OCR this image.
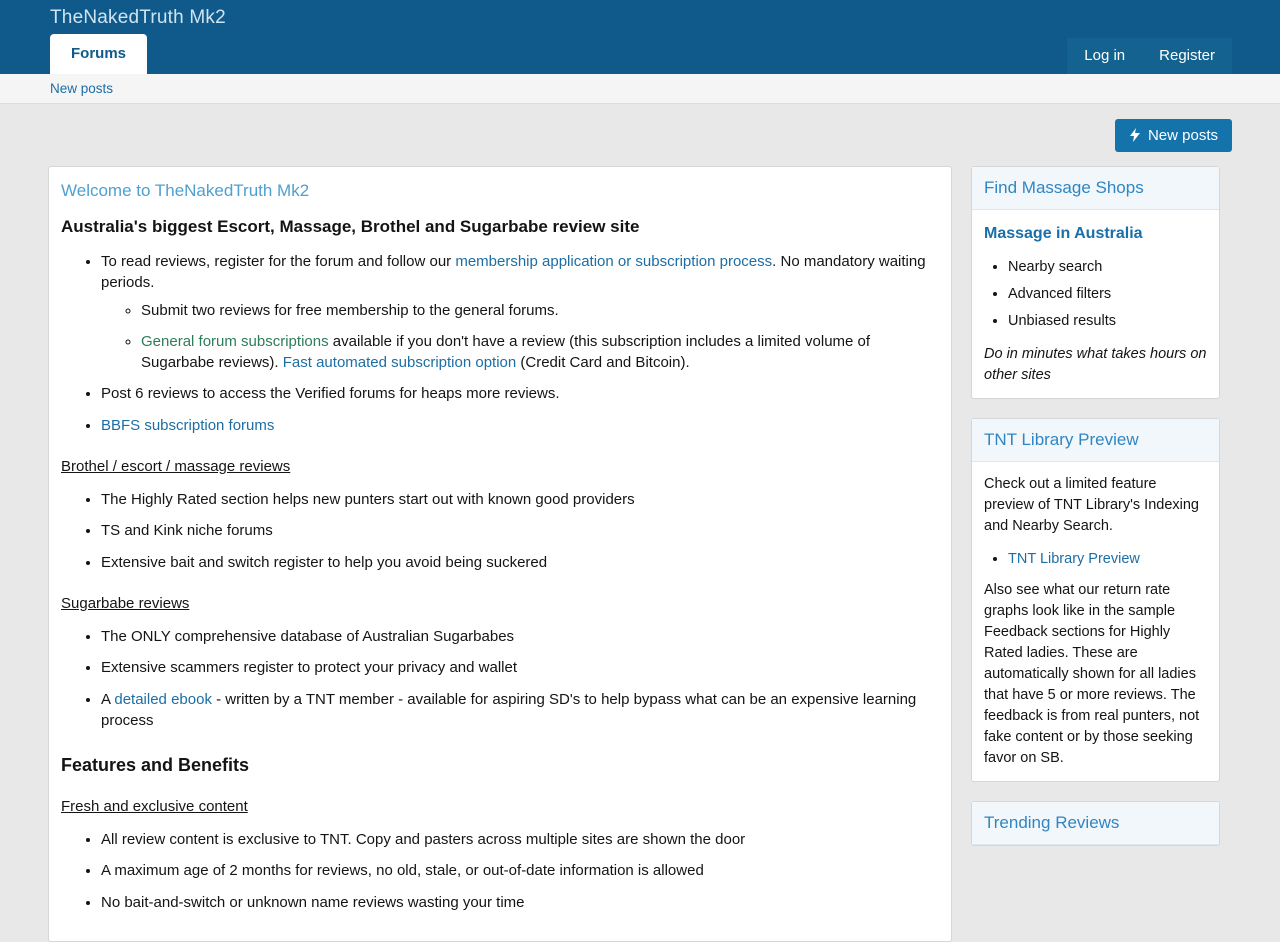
TheNakedTruth Mk2
Forums	Log in	Register
New posts
New posts
Welcome to TheNakedTruth Mk2
Australia's biggest Escort, Massage, Brothel and Sugarbabe review site
• To read reviews, register for the forum and follow our membership application or subscription process. No mandatory waiting periods.
◦ Submit two reviews for free membership to the general forums.
◦ General forum subscriptions available if you don't have a review (this subscription includes a limited volume of Sugarbabe reviews). Fast automated subscription option (Credit Card and Bitcoin).
• Post 6 reviews to access the Verified forums for heaps more reviews.
• BBFS subscription forums
Brothel / escort / massage reviews
• The Highly Rated section helps new punters start out with known good providers
• TS and Kink niche forums
• Extensive bait and switch register to help you avoid being suckered
Sugarbabe reviews
• The ONLY comprehensive database of Australian Sugarbabes
• Extensive scammers register to protect your privacy and wallet
• A detailed ebook - written by a TNT member - available for aspiring SD's to help bypass what can be an expensive learning process
Features and Benefits
Fresh and exclusive content
• All review content is exclusive to TNT. Copy and pasters across multiple sites are shown the door
• A maximum age of 2 months for reviews, no old, stale, or out-of-date information is allowed
• No bait-and-switch or unknown name reviews wasting your time
Find Massage Shops
Massage in Australia
• Nearby search
• Advanced filters
• Unbiased results
Do in minutes what takes hours on other sites
TNT Library Preview

Check out a limited feature preview of TNT Library's Indexing and Nearby Search.

• TNT Library Preview

Also see what our return rate graphs look like in the sample Feedback sections for Highly Rated ladies. These are automatically shown for all ladies that have 5 or more reviews. The feedback is from real punters, not fake content or by those seeking favor on SB.

Trending Reviews
